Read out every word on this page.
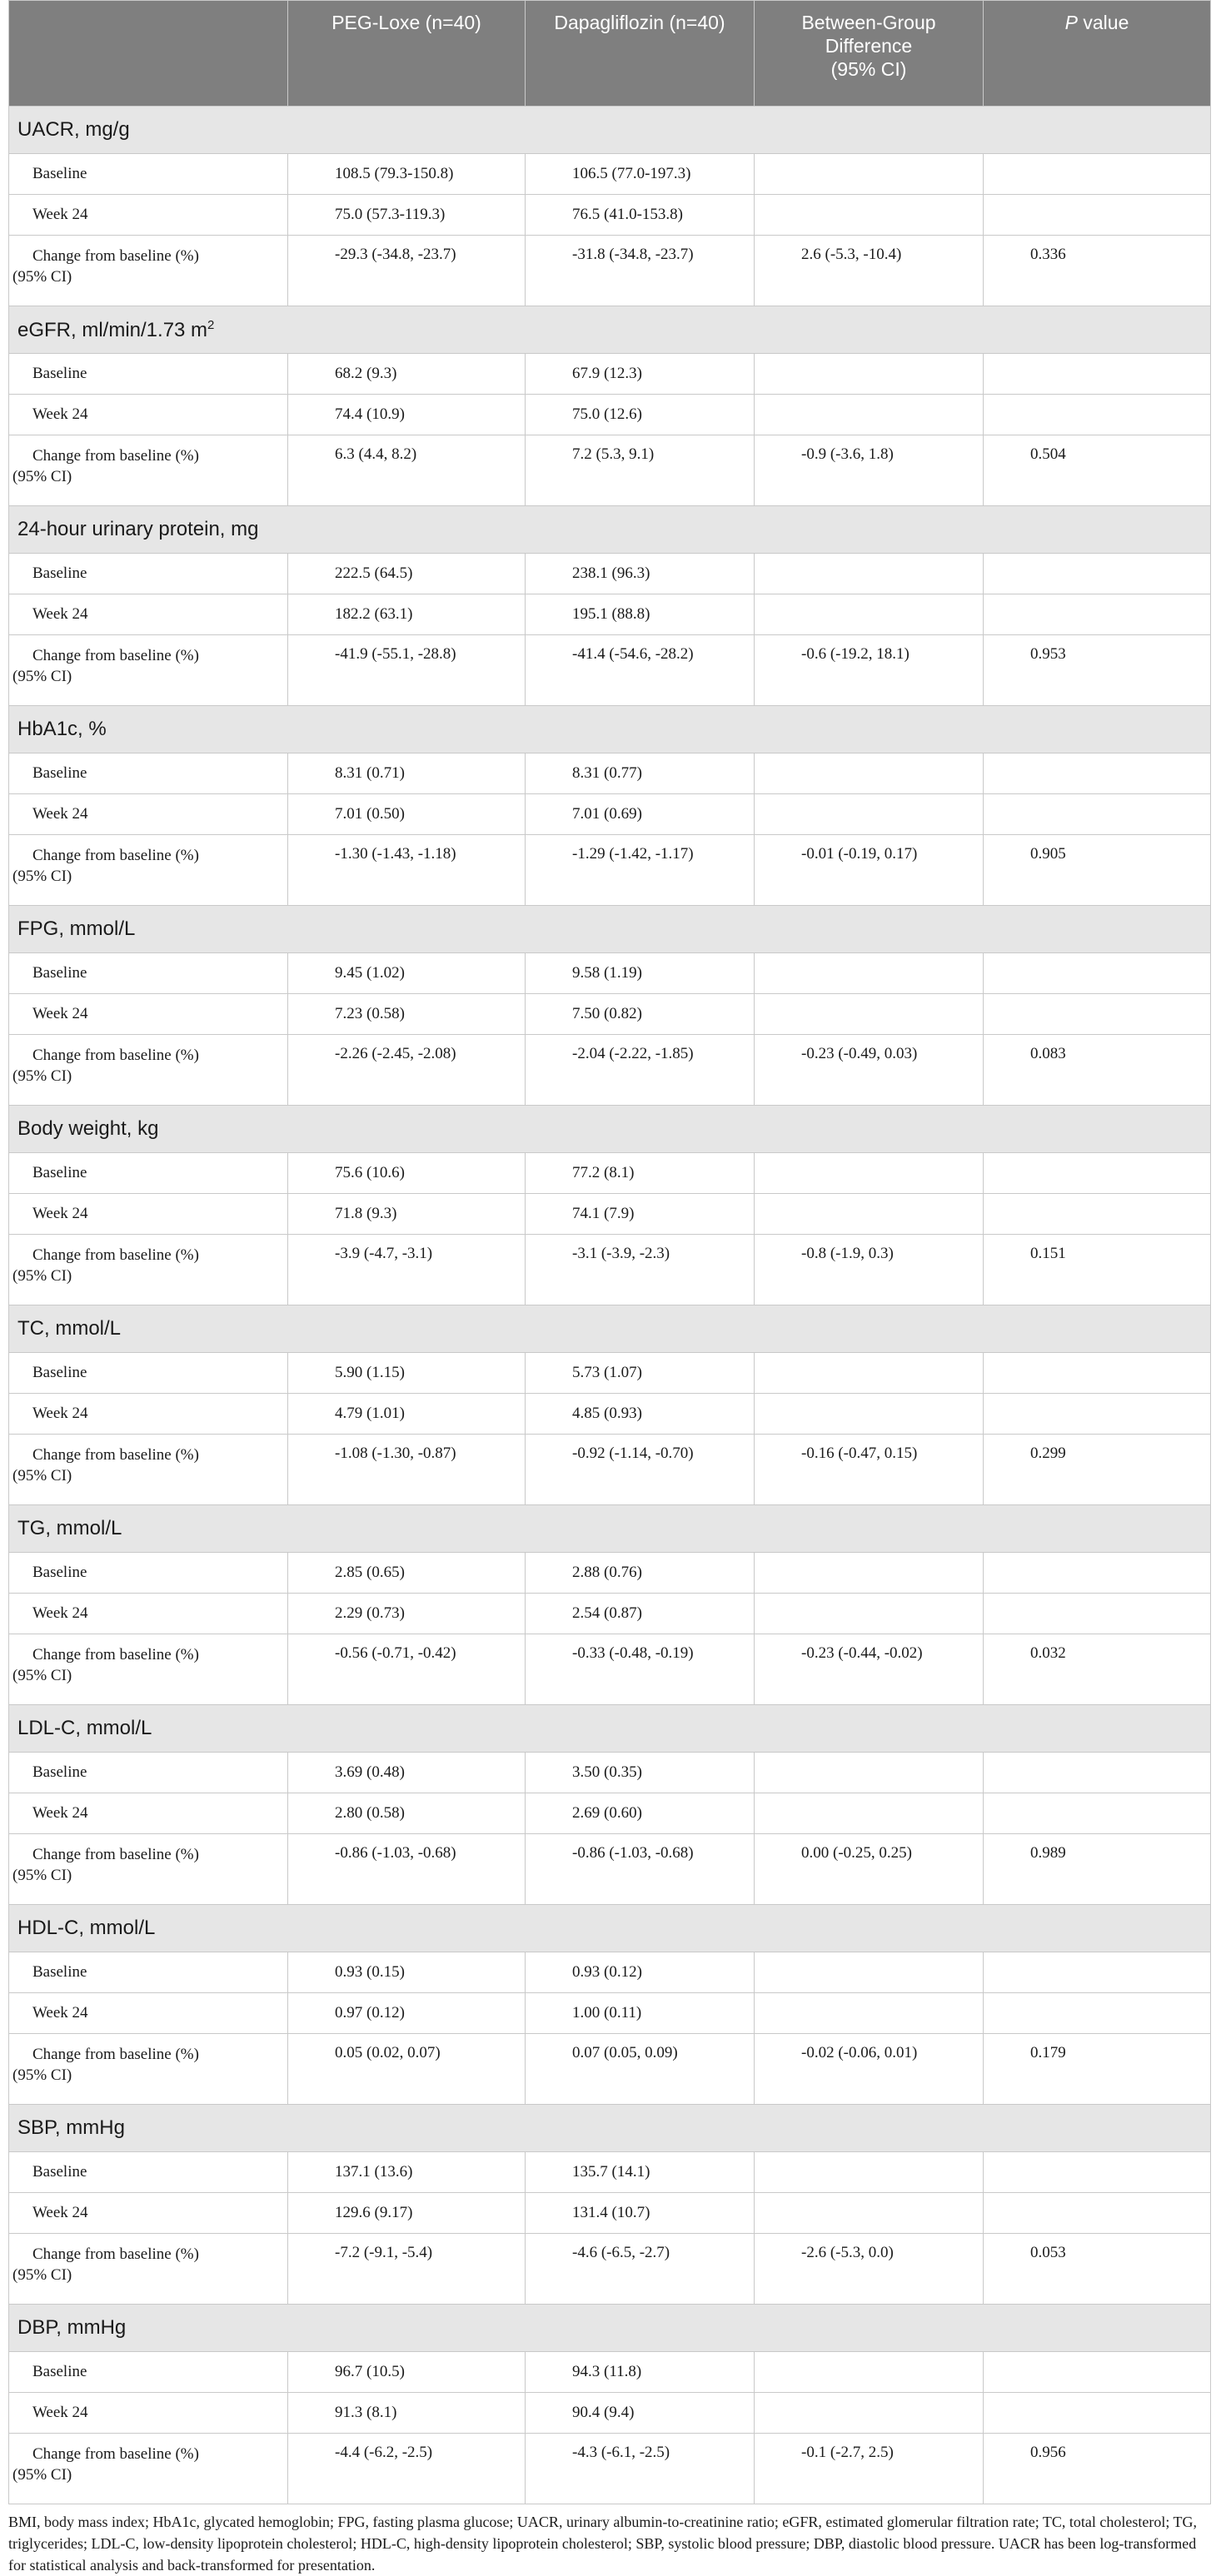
	PEG-Loxe (n=40)	Dapagliflozin (n=40)	Between-Group
Difference
(95% CI)	P value
UACR, mg/g				
Baseline	108.5 (79.3-150.8)	106.5 (77.0-197.3)		
Week 24	75.0 (57.3-119.3)	76.5 (41.0-153.8)		

Change from baseline (%)
(95% CI)	-29.3 (-34.8, -23.7)	-31.8 (-34.8, -23.7)	2.6 (-5.3, -10.4)	0.336
eGFR, ml/min/1.73 $m^2$
Baseline	68.2 (9.3)	67.9 (12.3)		
Week 24	74.4 (10.9)	75.0 (12.6)		

Change from baseline (%)
(95% CI)	6.3 (4.4, 8.2)	7.2 (5.3, 9.1)	-0.9 (-3.6, 1.8)	0.504
24-hour urinary protein, mg				
Baseline	222.5 (64.5)	238.1 (96.3)		
Week 24	182.2 (63.1)	195.1 (88.8)		

Change from baseline (%)
(95% CI)	-41.9 (-55.1, -28.8)	-41.4 (-54.6, -28.2)	-0.6 (-19.2, 18.1)	0.953
HbA1c, %				
Baseline	8.31 (0.71)	8.31 (0.77)		
Week 24	7.01 (0.50)	7.01 (0.69)		

Change from baseline (%)
(95% CI)	-1.30 (-1.43, -1.18)	-1.29 (-1.42, -1.17)	-0.01 (-0.19, 0.17)	0.905
FPG, mmol/L				
Baseline	9.45 (1.02)	9.58 (1.19)		
Week 24	7.23 (0.58)	7.50 (0.82)		

Change from baseline (%)
(95% CI)	-2.26 (-2.45, -2.08)	-2.04 (-2.22, -1.85)	-0.23 (-0.49, 0.03)	0.083
Body weight, kg				
Baseline	75.6 (10.6)	77.2 (8.1)		
Week 24	71.8 (9.3)	74.1 (7.9)		

Change from baseline (%)
(95% CI)	-3.9 (-4.7, -3.1)	-3.1 (-3.9, -2.3)	-0.8 (-1.9, 0.3)	0.151
TC, mmol/L				
Baseline	5.90 (1.15)	5.73 (1.07)		
Week 24	4.79 (1.01)	4.85 (0.93)		

Change from baseline (%)
(95% CI)	-1.08 (-1.30, -0.87)	-0.92 (-1.14, -0.70)	-0.16 (-0.47, 0.15)	0.299
TG, mmol/L				
Baseline	2.85 (0.65)	2.88 (0.76)		
Week 24	2.29 (0.73)	2.54 (0.87)		

Change from baseline (%)
(95% CI)	-0.56 (-0.71, -0.42)	-0.33 (-0.48, -0.19)	-0.23 (-0.44, -0.02)	0.032
LDL-C, mmol/L				
Baseline	3.69 (0.48)	3.50 (0.35)		
Week 24	2.80 (0.58)	2.69 (0.60)		

Change from baseline (%)
(95% CI)	-0.86 (-1.03, -0.68)	-0.86 (-1.03, -0.68)	0.00 (-0.25, 0.25)	0.989
HDL-C, mmol/L				
Baseline	0.93 (0.15)	0.93 (0.12)		
Week 24	0.97 (0.12)	1.00 (0.11)		

Change from baseline (%)
(95% CI)	0.05 (0.02, 0.07)	0.07 (0.05, 0.09)	-0.02 (-0.06, 0.01)	0.179
SBP, mmHg				
Baseline	137.1 (13.6)	135.7 (14.1)		
Week 24	129.6 (9.17)	131.4 (10.7)		

Change from baseline (%)
(95% CI)	-7.2 (-9.1, -5.4)	-4.6 (-6.5, -2.7)	-2.6 (-5.3, 0.0)	0.053
DBP, mmHg				
Baseline	96.7 (10.5)	94.3 (11.8)		
Week 24	91.3 (8.1)	90.4 (9.4)		

Change from baseline (%)
(95% CI)	-4.4 (-6.2, -2.5)	-4.3 (-6.1, -2.5)	-0.1 (-2.7, 2.5)	0.956
BMI, body mass index; HbA1c, glycated hemoglobin; FPG, fasting plasma glucose; UACR, urinary albumin-to-creatinine ratio; eGFR, estimated glomerular filtration rate; TC, total cholesterol; TG, triglycerides; LDL-C, low-density lipoprotein cholesterol; HDL-C, high-density lipoprotein cholesterol; SBP, systolic blood pressure; DBP, diastolic blood pressure. UACR has been log-transformed for statistical analysis and back-transformed for presentation.
